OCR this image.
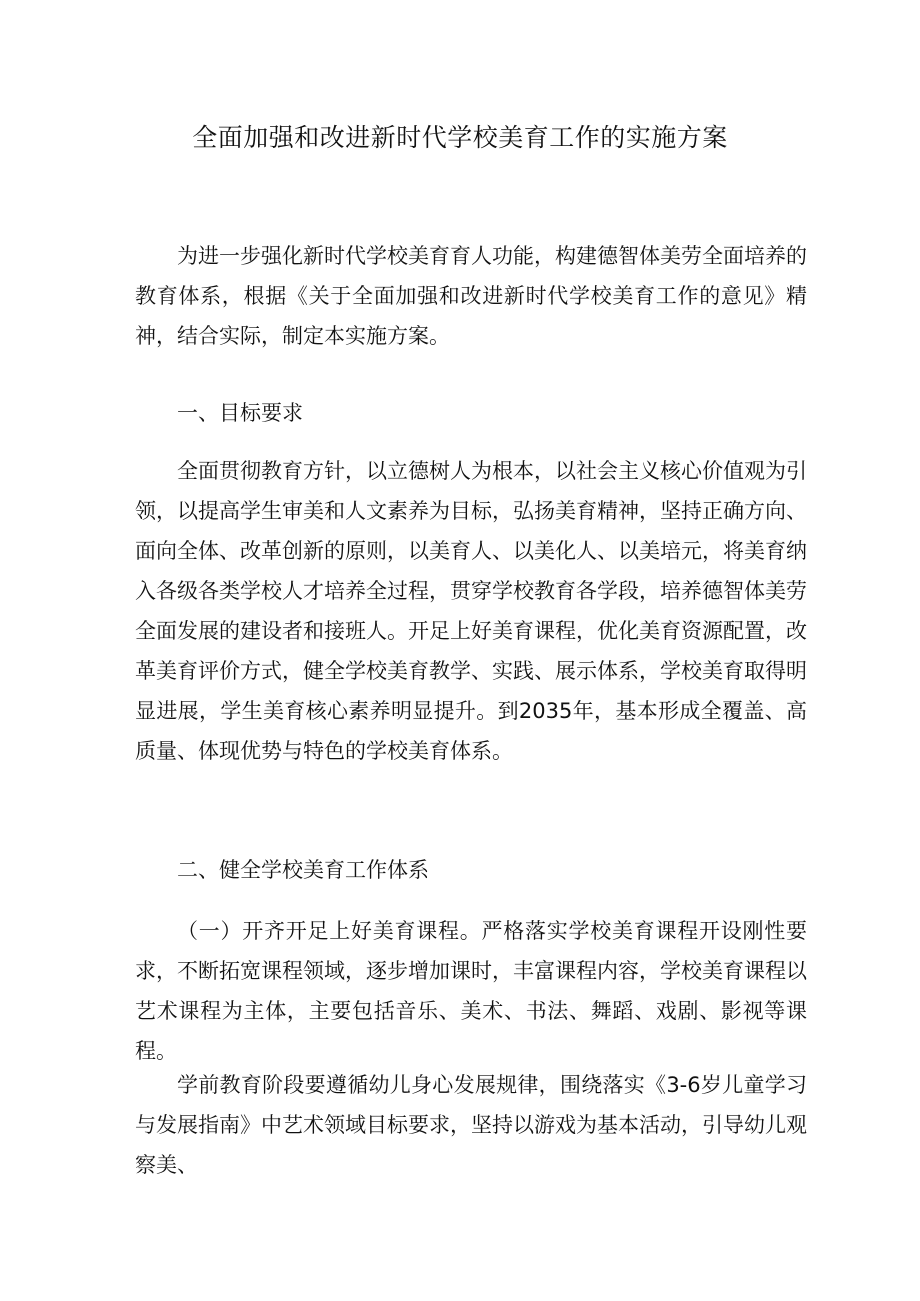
全面加强和改进新时代学校美育工作的实施方案

为进一步强化新时代学校美育育人功能，构建德智体美劳全面培养的教育体系，根据《关于全面加强和改进新时代学校美育工作的意见》精神，结合实际，制定本实施方案。

一、目标要求

全面贯彻教育方针，以立德树人为根本，以社会主义核心价值观为引领，以提高学生审美和人文素养为目标，弘扬美育精神，坚持正确方向、面向全体、改革创新的原则，以美育人、以美化人、以美培元，将美育纳入各级各类学校人才培养全过程，贯穿学校教育各学段，培养德智体美劳全面发展的建设者和接班人。开足上好美育课程，优化美育资源配置，改革美育评价方式，健全学校美育教学、实践、展示体系，学校美育取得明显进展，学生美育核心素养明显提升。到2035年，基本形成全覆盖、高质量、体现优势与特色的学校美育体系。

二、健全学校美育工作体系

（一）开齐开足上好美育课程。严格落实学校美育课程开设刚性要求，不断拓宽课程领域，逐步增加课时，丰富课程内容，学校美育课程以艺术课程为主体，主要包括音乐、美术、书法、舞蹈、戏剧、影视等课程。

学前教育阶段要遵循幼儿身心发展规律，围绕落实《3-6岁儿童学习与发展指南》中艺术领域目标要求，坚持以游戏为基本活动，引导幼儿观察美、
